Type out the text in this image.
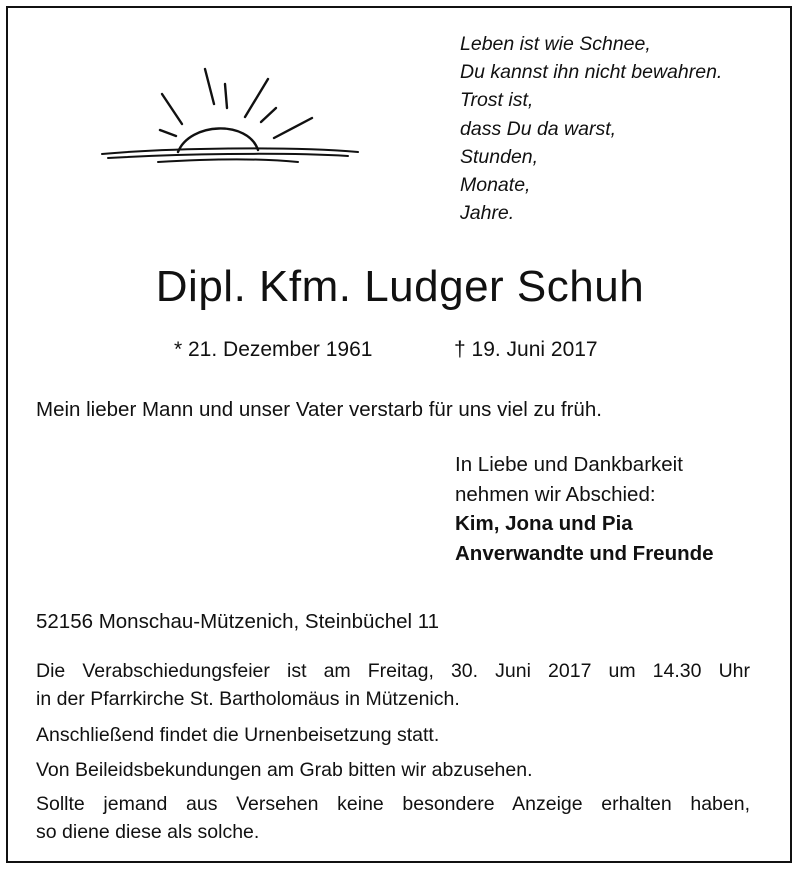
Leben ist wie Schnee,
Du kannst ihn nicht bewahren.
Trost ist,
dass Du da warst,
Stunden,
Monate,
Jahre.
Dipl. Kfm. Ludger Schuh
* 21. Dezember 1961	† 19. Juni 2017
Mein lieber Mann und unser Vater verstarb für uns viel zu früh.
In Liebe und Dankbarkeit
nehmen wir Abschied:
Kim, Jona und Pia
Anverwandte und Freunde
52156 Monschau-Mützenich, Steinbüchel 11
Die Verabschiedungsfeier ist am Freitag, 30. Juni 2017 um 14.30 Uhr
in der Pfarrkirche St. Bartholomäus in Mützenich.
Anschließend findet die Urnenbeisetzung statt.
Von Beileidsbekundungen am Grab bitten wir abzusehen.
Sollte jemand aus Versehen keine besondere Anzeige erhalten haben,
so diene diese als solche.
